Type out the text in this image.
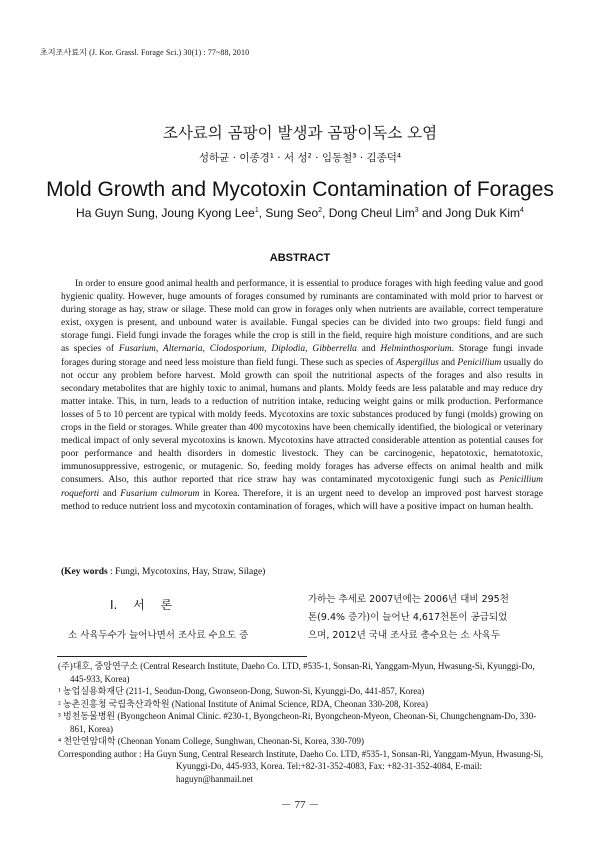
초지조사료지 (J. Kor. Grassl. Forage Sci.) 30(1) : 77~88, 2010
조사료의 곰팡이 발생과 곰팡이독소 오염
성하균 · 이종경¹ · 서 성² · 임동철³ · 김종덕⁴
Mold Growth and Mycotoxin Contamination of Forages
Ha Guyn Sung, Joung Kyong Lee$^1$, Sung Seo$^2$, Dong Cheul Lim$^3$ and Jong Duk Kim$^4$
ABSTRACT
In order to ensure good animal health and performance, it is essential to produce forages with high feeding value and good hygienic quality. However, huge amounts of forages consumed by ruminants are contaminated with mold prior to harvest or during storage as hay, straw or silage. These mold can grow in forages only when nutrients are available, correct temperature exist, oxygen is present, and unbound water is available. Fungal species can be divided into two groups: field fungi and storage fungi. Field fungi invade the forages while the crop is still in the field, require high moisture conditions, and are such as species of Fusarium, Alternaria, Clodosporium, Diplodia, Gibberrella and Helminthosporium. Storage fungi invade forages during storage and need less moisture than field fungi. These such as species of Aspergillus and Penicillium usually do not occur any problem before harvest. Mold growth can spoil the nutritional aspects of the forages and also results in secondary metabolites that are highly toxic to animal, humans and plants. Moldy feeds are less palatable and may reduce dry matter intake. This, in turn, leads to a reduction of nutrition intake, reducing weight gains or milk production. Performance losses of 5 to 10 percent are typical with moldy feeds. Mycotoxins are toxic substances produced by fungi (molds) growing on crops in the field or storages. While greater than 400 mycotoxins have been chemically identified, the biological or veterinary medical impact of only several mycotoxins is known. Mycotoxins have attracted considerable attention as potential causes for poor performance and health disorders in domestic livestock. They can be carcinogenic, hepatotoxic, hematotoxic, immunosuppressive, estrogenic, or mutagenic. So, feeding moldy forages has adverse effects on animal health and milk consumers. Also, this author reported that rice straw hay was contaminated mycotoxigenic fungi such as Penicillium roqueforti and Fusarium culmorum in Korea. Therefore, it is an urgent need to develop an improved post harvest storage method to reduce nutrient loss and mycotoxin contamination of forages, which will have a positive impact on human health.
(Key words : Fungi, Mycotoxins, Hay, Straw, Silage)
Ⅰ. 서 론
소 사육두수가 늘어나면서 조사료 수요도 증
가하는 추세로 2007년에는 2006년 대비 295천
톤(9.4% 증가)이 늘어난 4,617천톤이 공급되었
으며, 2012년 국내 조사료 총수요는 소 사육두
(주)대호, 중앙연구소 (Central Research Institute, Daeho Co. LTD, #535-1, Sonsan-Ri, Yanggam-Myun, Hwasung-Si, Kyunggi-Do, 445-933, Korea)
¹ 농업실용화재단 (211-1, Seodun-Dong, Gwonseon-Dong, Suwon-Si, Kyunggi-Do, 441-857, Korea)
² 농촌진흥청 국립축산과학원 (National Institute of Animal Science, RDA, Cheonan 330-208, Korea)
³ 벙천동물병원 (Byongcheon Animal Clinic. #230-1, Byongcheon-Ri, Byongcheon-Myeon, Cheonan-Si, Chungchengnam-Do, 330-861, Korea)
⁴ 천안연암대학 (Cheonan Yonam College, Sunghwan, Cheonan-Si, Korea, 330-709)
Corresponding author : Ha Guyn Sung, Central Research Institute, Daeho Co. LTD, #535-1, Sonsan-Ri, Yanggam-Myun, Hwasung-Si, Kyunggi-Do, 445-933, Korea. Tel:+82-31-352-4083, Fax: +82-31-352-4084, E-mail: haguyn@hanmail.net
－ 77 －
